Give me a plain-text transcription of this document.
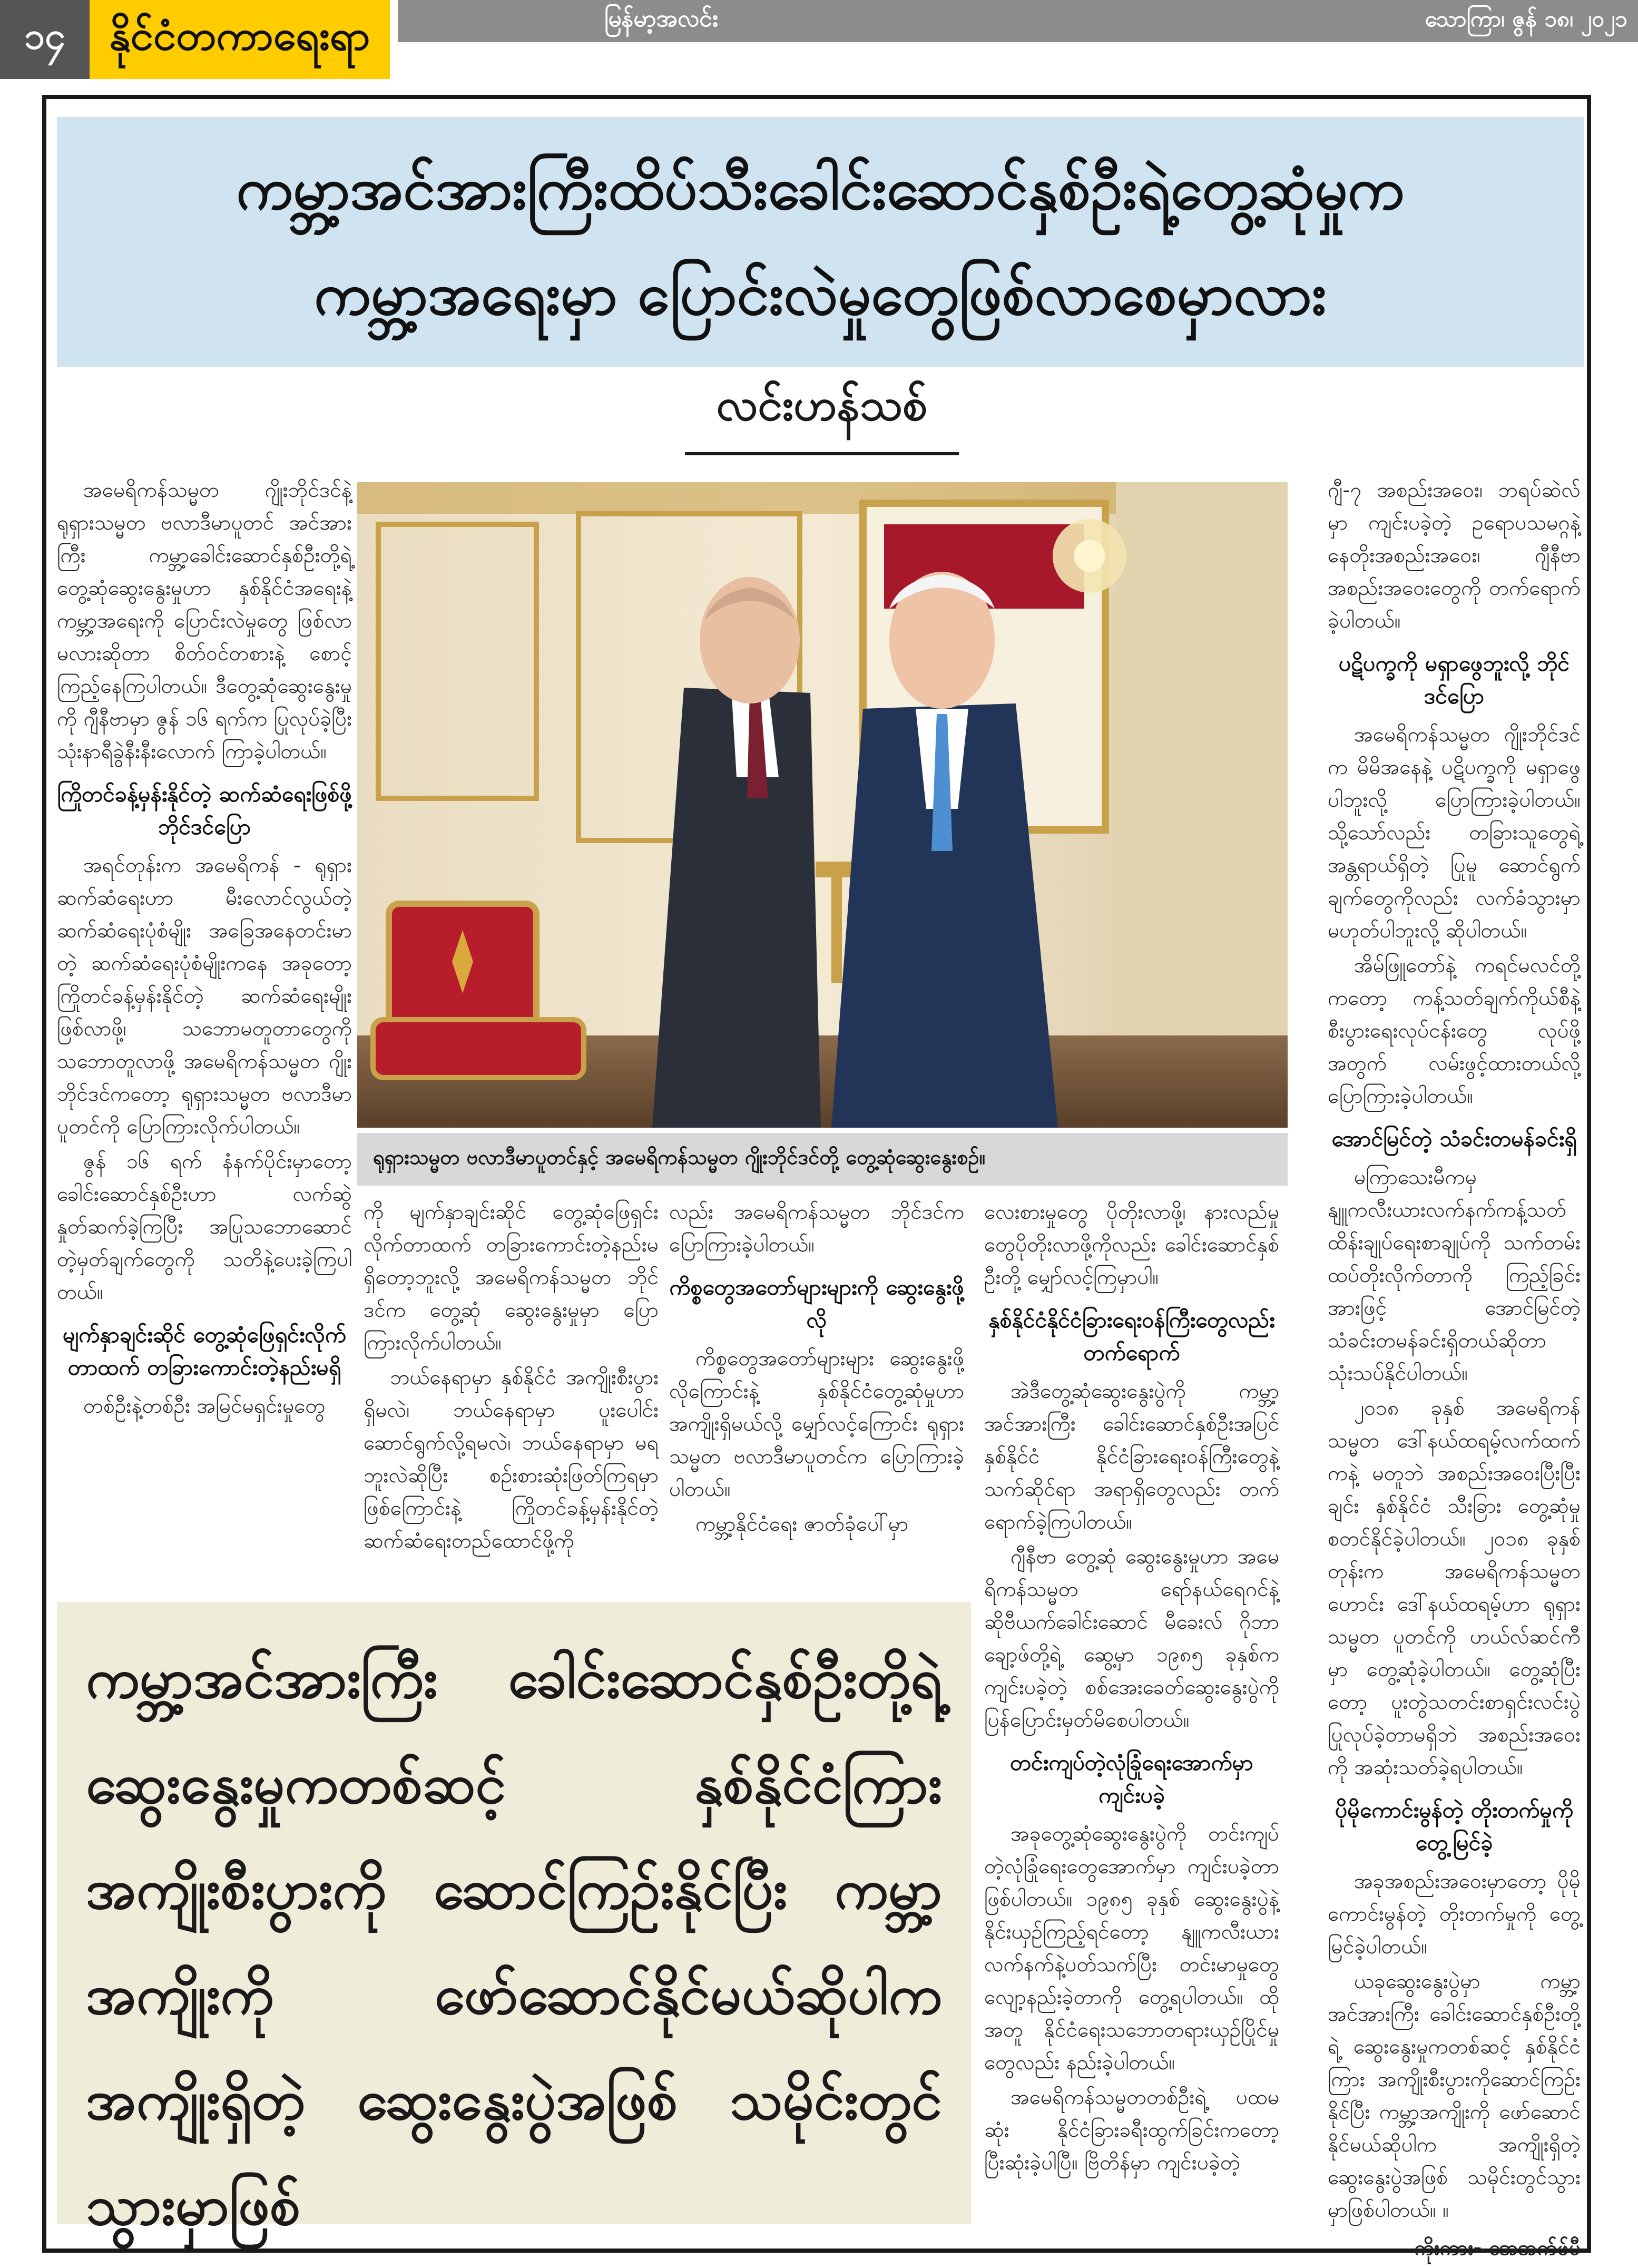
၁၄	နိုင်ငံတကာရေးရာ	မြန်မာ့အလင်း	သောကြာ၊ ဇွန် ၁၈၊ ၂၀၂၁
ကမ္ဘာ့အင်အားကြီးထိပ်သီးခေါင်းဆောင်နှစ်ဦးရဲ့တွေ့ဆုံမှုက
ကမ္ဘာ့အရေးမှာ ပြောင်းလဲမှုတွေဖြစ်လာစေမှာလား
လင်းဟန်သစ်

အမေရိကန်သမ္မတ ဂျိုးဘိုင်ဒင်နဲ့ ရုရှားသမ္မတ ဗလာဒီမာပူတင် အင်အားကြီး ကမ္ဘာ့ခေါင်းဆောင်နှစ်ဦးတို့ရဲ့ တွေ့ဆုံဆွေးနွေးမှုဟာ နှစ်နိုင်ငံအရေးနဲ့ ကမ္ဘာ့အရေးကို ပြောင်းလဲမှုတွေ ဖြစ်လာမလားဆိုတာ စိတ်ဝင်တစားနဲ့ စောင့်ကြည့်နေကြပါတယ်။ ဒီတွေ့ဆုံဆွေးနွေးမှုကို ဂျီနီဗာမှာ ဇွန် ၁၆ ရက်က ပြုလုပ်ခဲ့ပြီး သုံးနာရီခွဲနီးနီးလောက် ကြာခဲ့ပါတယ်။

ကြိုတင်ခန့်မှန်းနိုင်တဲ့ ဆက်ဆံရေးဖြစ်ဖို့ ဘိုင်ဒင်ပြော

အရင်တုန်းက အမေရိကန် - ရုရှား ဆက်ဆံရေးဟာ မီးလောင်လွယ်တဲ့ ဆက်ဆံရေးပုံစံမျိုး အခြေအနေတင်းမာတဲ့ ဆက်ဆံရေးပုံစံမျိုးကနေ အခုတော့ ကြိုတင်ခန့်မှန်းနိုင်တဲ့ ဆက်ဆံရေးမျိုးဖြစ်လာဖို့၊ သဘောမတူတာတွေကို သဘောတူလာဖို့ အမေရိကန်သမ္မတ ဂျိုးဘိုင်ဒင်ကတော့ ရုရှားသမ္မတ ဗလာဒီမာပူတင်ကို ပြောကြားလိုက်ပါတယ်။

ဇွန် ၁၆ ရက် နံနက်ပိုင်းမှာတော့ ခေါင်းဆောင်နှစ်ဦးဟာ လက်ဆွဲနှုတ်ဆက်ခဲ့ကြပြီး အပြုသဘောဆောင်တဲ့မှတ်ချက်တွေကို သတိနဲ့ပေးခဲ့ကြပါတယ်။

မျက်နှာချင်းဆိုင် တွေ့ဆုံဖြေရှင်းလိုက်တာထက် တခြားကောင်းတဲ့နည်းမရှိ

တစ်ဦးနဲ့တစ်ဦး အမြင်မရှင်းမှုတွေ

ရုရှားသမ္မတ ဗလာဒီမာပူတင်နှင့် အမေရိကန်သမ္မတ ဂျိုးဘိုင်ဒင်တို့ တွေ့ဆုံဆွေးနွေးစဉ်။

ကို မျက်နှာချင်းဆိုင် တွေ့ဆုံဖြေရှင်းလိုက်တာထက် တခြားကောင်းတဲ့နည်းမရှိတော့ဘူးလို့ အမေရိကန်သမ္မတ ဘိုင်ဒင်က တွေ့ဆုံ ဆွေးနွေးမှုမှာ ပြောကြားလိုက်ပါတယ်။

ဘယ်နေရာမှာ နှစ်နိုင်ငံ အကျိုးစီးပွားရှိမလဲ၊ ဘယ်နေရာမှာ ပူးပေါင်းဆောင်ရွက်လို့ရမလဲ၊ ဘယ်နေရာမှာ မရဘူးလဲဆိုပြီး စဉ်းစားဆုံးဖြတ်ကြရမှာဖြစ်ကြောင်းနဲ့ ကြိုတင်ခန့်မှန်းနိုင်တဲ့ ဆက်ဆံရေးတည်ထောင်ဖို့ကို

လည်း အမေရိကန်သမ္မတ ဘိုင်ဒင်က ပြောကြားခဲ့ပါတယ်။

ကိစ္စတွေအတော်များများကို ဆွေးနွေးဖို့လို

ကိစ္စတွေအတော်များများ ဆွေးနွေးဖို့လိုကြောင်းနဲ့ နှစ်နိုင်ငံတွေ့ဆုံမှုဟာ အကျိုးရှိမယ်လို့ မျှော်လင့်ကြောင်း ရုရှားသမ္မတ ဗလာဒီမာပူတင်က ပြောကြားခဲ့ပါတယ်။

ကမ္ဘာ့နိုင်ငံရေး ဇာတ်ခုံပေါ်မှာ

လေးစားမှုတွေ ပိုတိုးလာဖို့၊ နားလည်မှုတွေပိုတိုးလာဖို့ကိုလည်း ခေါင်းဆောင်နှစ်ဦးတို့ မျှော်လင့်ကြမှာပါ။

နှစ်နိုင်ငံနိုင်ငံခြားရေးဝန်ကြီးတွေလည်း တက်ရောက်

အဲဒီတွေ့ဆုံဆွေးနွေးပွဲကို ကမ္ဘာ့အင်အားကြီး ခေါင်းဆောင်နှစ်ဦးအပြင် နှစ်နိုင်ငံ နိုင်ငံခြားရေးဝန်ကြီးတွေနဲ့ သက်ဆိုင်ရာ အရာရှိတွေလည်း တက်ရောက်ခဲ့ကြပါတယ်။

ဂျီနီဗာ တွေ့ဆုံ ဆွေးနွေးမှုဟာ အမေရိကန်သမ္မတ ရော်နယ်ရေဂင်နဲ့ ဆိုဗီယက်ခေါင်းဆောင် မီခေးလ် ဂိုဘာချော့ဖ်တို့ရဲ့ ဆွေ့မှာ ၁၉၈၅ ခုနှစ်က ကျင်းပခဲ့တဲ့ စစ်အေးခေတ်ဆွေးနွေးပွဲကို ပြန်ပြောင်းမှတ်မိစေပါတယ်။

တင်းကျပ်တဲ့လုံခြုံရေးအောက်မှာ ကျင်းပခဲ့

အခုတွေ့ဆုံဆွေးနွေးပွဲကို တင်းကျပ်တဲ့လုံခြုံရေးတွေအောက်မှာ ကျင်းပခဲ့တာဖြစ်ပါတယ်။ ၁၉၈၅ ခုနှစ် ဆွေးနွေးပွဲနဲ့နိုင်းယှဉ်ကြည့်ရင်တော့ နျူကလီးယား လက်နက်နဲ့ပတ်သက်ပြီး တင်းမာမှုတွေ လျော့နည်းခဲ့တာကို တွေ့ရပါတယ်။ ထိုအတူ နိုင်ငံရေးသဘောတရားယှဉ်ပြိုင်မှုတွေလည်း နည်းခဲ့ပါတယ်။

အမေရိကန်သမ္မတတစ်ဦးရဲ့ ပထမဆုံး နိုင်ငံခြားခရီးထွက်ခြင်းကတော့ ပြီးဆုံးခဲ့ပါပြီ။ ဗြိတိန်မှာ ကျင်းပခဲ့တဲ့

ဂျီ-၇ အစည်းအဝေး၊ ဘရပ်ဆဲလ်မှာ ကျင်းပခဲ့တဲ့ ဥရောပသမဂ္ဂနဲ့ နေတိုးအစည်းအဝေး၊ ဂျီနီဗာအစည်းအဝေးတွေကို တက်ရောက်ခဲ့ပါတယ်။

ပဋိပက္ခကို မရှာဖွေဘူးလို့ ဘိုင်ဒင်ပြော

အမေရိကန်သမ္မတ ဂျိုးဘိုင်ဒင်က မိမိအနေနဲ့ ပဋိပက္ခကို မရှာဖွေပါဘူးလို့ ပြောကြားခဲ့ပါတယ်။ သို့သော်လည်း တခြားသူတွေရဲ့ အန္တရာယ်ရှိတဲ့ ပြုမူ ဆောင်ရွက်ချက်တွေကိုလည်း လက်ခံသွားမှာ မဟုတ်ပါဘူးလို့ ဆိုပါတယ်။

အိမ်ဖြူတော်နဲ့ ကရင်မလင်တို့ကတော့ ကန့်သတ်ချက်ကိုယ်စီနဲ့ စီးပွားရေးလုပ်ငန်းတွေ လုပ်ဖို့အတွက် လမ်းဖွင့်ထားတယ်လို့ ပြောကြားခဲ့ပါတယ်။

အောင်မြင်တဲ့ သံခင်းတမန်ခင်းရှိ

မကြာသေးမီကမှ နျူကလီးယားလက်နက်ကန့်သတ် ထိန်းချုပ်ရေးစာချုပ်ကို သက်တမ်းထပ်တိုးလိုက်တာကို ကြည့်ခြင်းအားဖြင့် အောင်မြင်တဲ့ သံခင်းတမန်ခင်းရှိတယ်ဆိုတာ သုံးသပ်နိုင်ပါတယ်။

၂၀၁၈ ခုနှစ် အမေရိကန်သမ္မတ ဒေါ်နယ်ထရမ့်လက်ထက်ကနဲ့ မတူဘဲ အစည်းအဝေးပြီးပြီးချင်း နှစ်နိုင်ငံ သီးခြား တွေ့ဆုံမှု စတင်နိုင်ခဲ့ပါတယ်။ ၂၀၁၈ ခုနှစ်တုန်းက အမေရိကန်သမ္မတဟောင်း ဒေါ်နယ်ထရမ့်ဟာ ရုရှားသမ္မတ ပူတင်ကို ဟယ်လ်ဆင်ကီမှာ တွေ့ဆုံခဲ့ပါတယ်။ တွေ့ဆုံပြီးတော့ ပူးတွဲသတင်းစာရှင်းလင်းပွဲ ပြုလုပ်ခဲ့တာမရှိဘဲ အစည်းအဝေးကို အဆုံးသတ်ခဲ့ရပါတယ်။

ပိုမိုကောင်းမွန်တဲ့ တိုးတက်မှုကို တွေ့မြင်ခဲ့

အခုအစည်းအဝေးမှာတော့ ပိုမိုကောင်းမွန်တဲ့ တိုးတက်မှုကို တွေ့မြင်ခဲ့ပါတယ်။

ယခုဆွေးနွေးပွဲမှာ ကမ္ဘာ့အင်အားကြီး ခေါင်းဆောင်နှစ်ဦးတို့ရဲ့ ဆွေးနွေးမှုကတစ်ဆင့် နှစ်နိုင်ငံကြား အကျိုးစီးပွားကိုဆောင်ကြဉ်းနိုင်ပြီး ကမ္ဘာ့အကျိုးကို ဖော်ဆောင်နိုင်မယ်ဆိုပါက အကျိုးရှိတဲ့ ဆွေးနွေးပွဲအဖြစ် သမိုင်းတွင်သွားမှာဖြစ်ပါတယ်။ ။

ကိုးကား- အေအက်ဖ်ပီ

ကမ္ဘာ့အင်အားကြီး ခေါင်းဆောင်နှစ်ဦးတို့ရဲ့ ဆွေးနွေးမှုကတစ်ဆင့် နှစ်နိုင်ငံကြား အကျိုးစီးပွားကို ဆောင်ကြဉ်းနိုင်ပြီး ကမ္ဘာ့အကျိုးကို ဖော်ဆောင်နိုင်မယ်ဆိုပါက အကျိုးရှိတဲ့ ဆွေးနွေးပွဲအဖြစ် သမိုင်းတွင်သွားမှာဖြစ်
